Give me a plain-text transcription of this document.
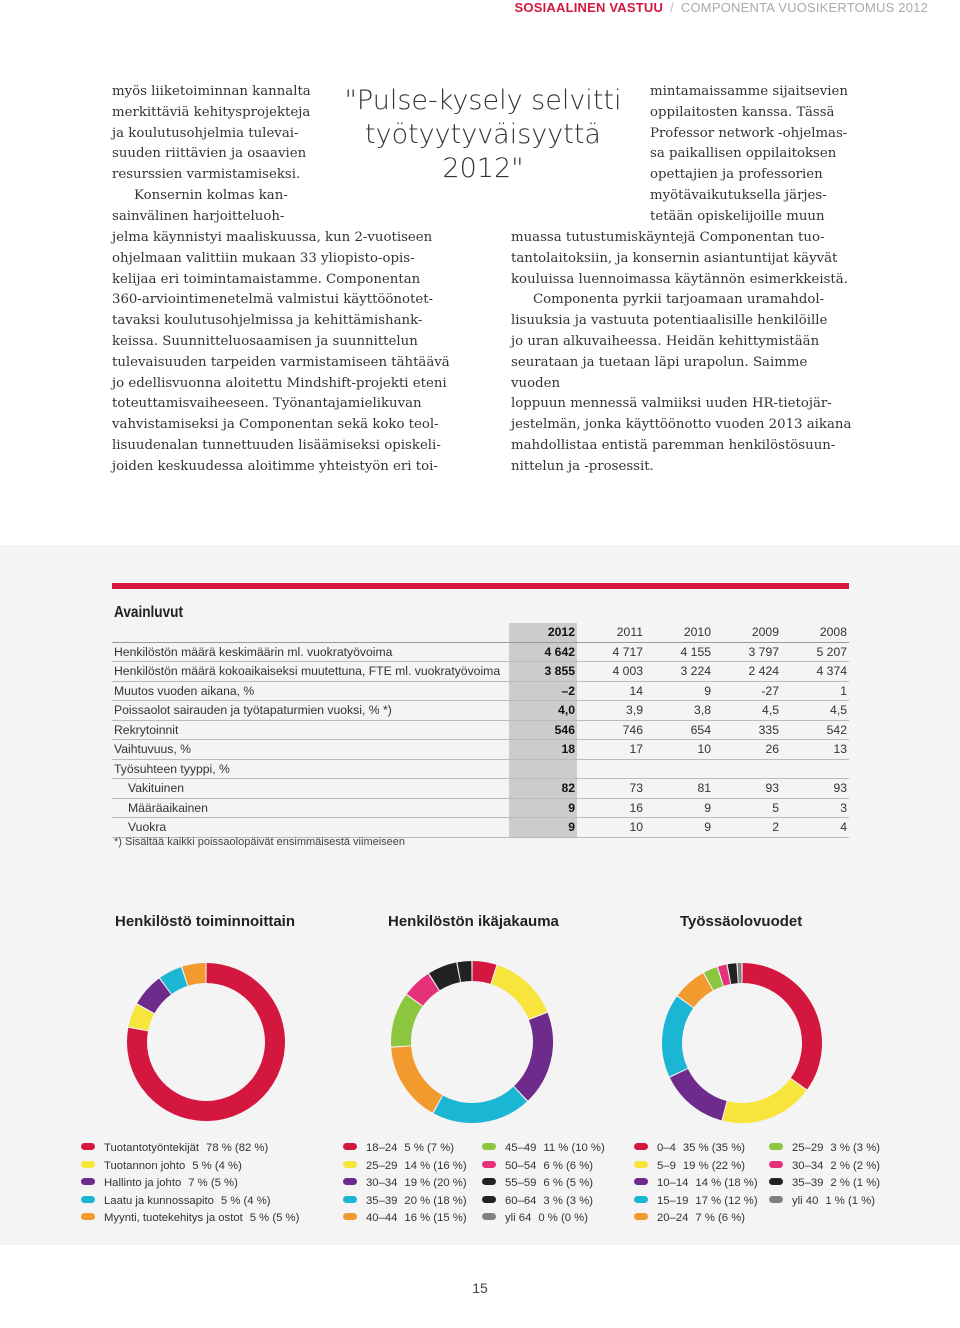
SOSIAALINEN VASTUU / COMPONENTA VUOSIKERTOMUS 2012
myös liiketoiminnan kannalta
merkittäviä kehitysprojekteja
ja koulutusohjelmia tulevai-
suuden riittävien ja osaavien
resurssien varmistamiseksi.
Konsernin kolmas kan-
sainvälinen harjoitteluoh-
jelma käynnistyi maaliskuussa, kun 2-vuotiseen
ohjelmaan valittiin mukaan 33 yliopisto-opis-
kelijaa eri toimintamaistamme. Componentan
360-arviointimenetelmä valmistui käyttöönotet-
tavaksi koulutusohjelmissa ja kehittämishank-
keissa. Suunnitteluosaamisen ja suunnittelun
tulevaisuuden tarpeiden varmistamiseen tähtäävä
jo edellisvuonna aloitettu Mindshift-projekti eteni
toteuttamisvaiheeseen. Työnantajamielikuvan
vahvistamiseksi ja Componentan sekä koko teol-
lisuudenalan tunnettuuden lisäämiseksi opiskeli-
joiden keskuudessa aloitimme yhteistyön eri toi-
"Pulse-kysely selvitti
työtyytyväisyyttä
2012"
mintamaissamme sijaitsevien
oppilaitosten kanssa. Tässä
Professor network -ohjelmas-
sa paikallisen oppilaitoksen
opettajien ja professorien
myötävaikutuksella järjes-
tetään opiskelijoille muun
muassa tutustumiskäyntejä Componentan tuo-
tantolaitoksiin, ja konsernin asiantuntijat käyvät
kouluissa luennoimassa käytännön esimerkkeistä.
Componenta pyrkii tarjoamaan uramahdol-
lisuuksia ja vastuuta potentiaalisille henkilöille
jo uran alkuvaiheessa. Heidän kehittymistään
seurataan ja tuetaan läpi urapolun. Saimme vuoden
loppuun mennessä valmiiksi uuden HR-tietojär-
jestelmän, jonka käyttöönotto vuoden 2013 aikana
mahdollistaa entistä paremman henkilöstösuun-
nittelun ja -prosessit.
Avainluvut
	2012	2011	2010	2009	2008
Henkilöstön määrä keskimäärin ml. vuokratyövoima	4 642	4 717	4 155	3 797	5 207
Henkilöstön määrä kokoaikaiseksi muutettuna, FTE ml. vuokratyövoima	3 855	4 003	3 224	2 424	4 374
Muutos vuoden aikana, %	–2	14	9	-27	1
Poissaolot sairauden ja työtapaturmien vuoksi, % *)	4,0	3,9	3,8	4,5	4,5
Rekrytoinnit	546	746	654	335	542
Vaihtuvuus, %	18	17	10	26	13
Työsuhteen tyyppi, %					
Vakituinen	82	73	81	93	93
Määräaikainen	9	16	9	5	3
Vuokra	9	10	9	2	4
*) Sisältää kaikki poissaolopäivät ensimmäisestä viimeiseen
Henkilöstö toiminnoittain	Henkilöstön ikäjakauma	Työssäolovuodet
Tuotantotyöntekijät 78 % (82 %)
Tuotannon johto 5 % (4 %)
Hallinto ja johto 7 % (5 %)
Laatu ja kunnossapito 5 % (4 %)
Myynti, tuotekehitys ja ostot 5 % (5 %)
18–24 5 % (7 %)
25–29 14 % (16 %)
30–34 19 % (20 %)
35–39 20 % (18 %)
40–44 16 % (15 %)
45–49 11 % (10 %)
50–54 6 % (6 %)
55–59 6 % (5 %)
60–64 3 % (3 %)
yli 64 0 % (0 %)
0–4 35 % (35 %)
5–9 19 % (22 %)
10–14 14 % (18 %)
15–19 17 % (12 %)
20–24 7 % (6 %)
25–29 3 % (3 %)
30–34 2 % (2 %)
35–39 2 % (1 %)
yli 40 1 % (1 %)
15
